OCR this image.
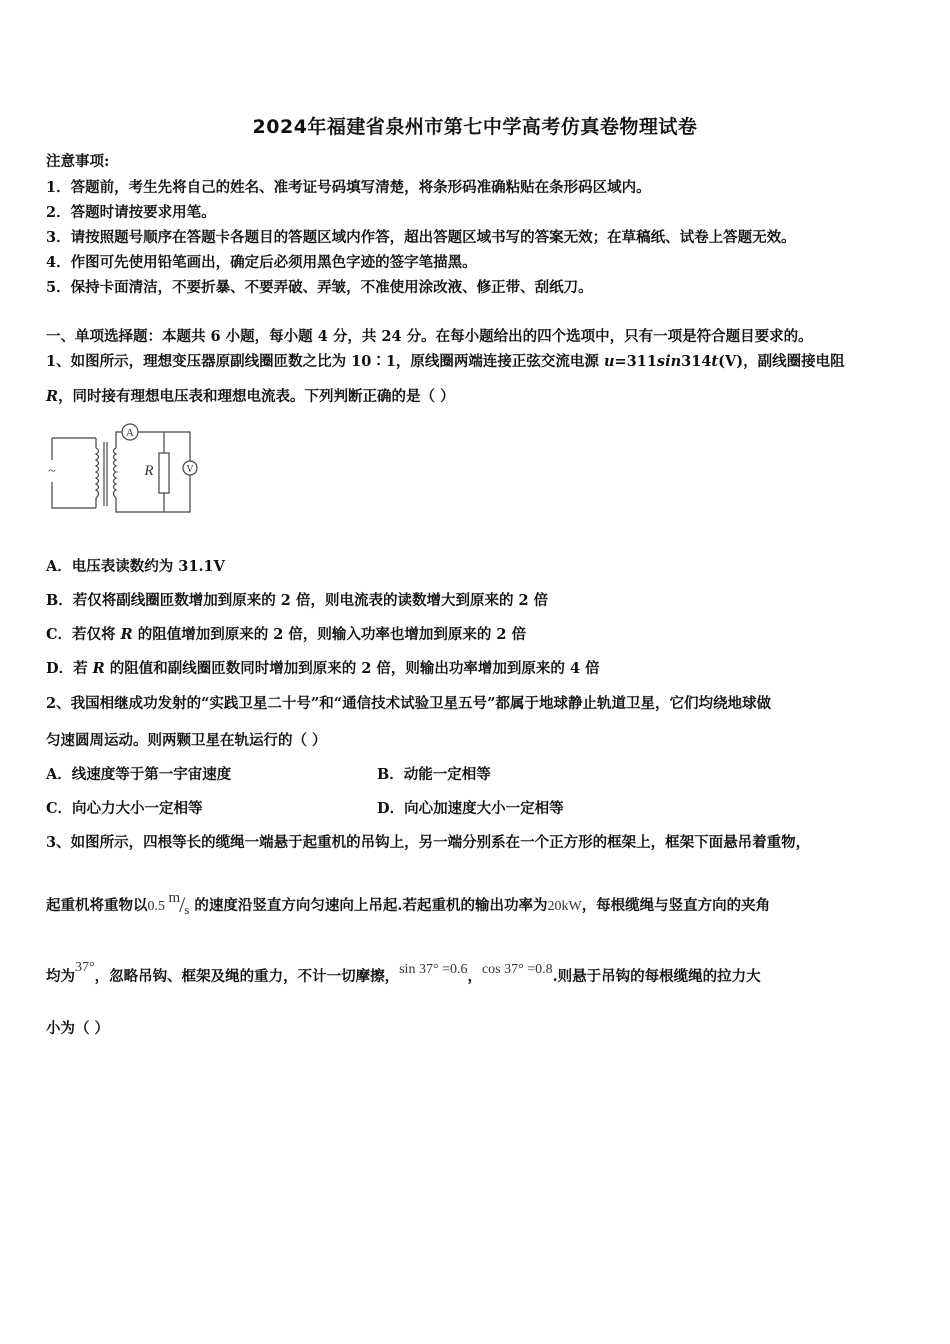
2024年福建省泉州市第七中学高考仿真卷物理试卷
注意事项:
1．答题前，考生先将自己的姓名、准考证号码填写清楚，将条形码准确粘贴在条形码区域内。
2．答题时请按要求用笔。
3．请按照题号顺序在答题卡各题目的答题区域内作答，超出答题区域书写的答案无效；在草稿纸、试卷上答题无效。
4．作图可先使用铅笔画出，确定后必须用黑色字迹的签字笔描黑。
5．保持卡面清洁，不要折暴、不要弄破、弄皱，不准使用涂改液、修正带、刮纸刀。
一、单项选择题：本题共 6 小题，每小题 4 分，共 24 分。在每小题给出的四个选项中，只有一项是符合题目要求的。
1、如图所示，理想变压器原副线圈匝数之比为 10∶1，原线圈两端连接正弦交流电源 u=311sin314t(V)，副线圈接电阻
R，同时接有理想电压表和理想电流表。下列判断正确的是（ ）
A
V
R
~
A．电压表读数约为 31.1V
B．若仅将副线圈匝数增加到原来的 2 倍，则电流表的读数增大到原来的 2 倍
C．若仅将 R 的阻值增加到原来的 2 倍，则输入功率也增加到原来的 2 倍
D．若 R 的阻值和副线圈匝数同时增加到原来的 2 倍，则输出功率增加到原来的 4 倍
2、我国相继成功发射的“实践卫星二十号”和“通信技术试验卫星五号”都属于地球静止轨道卫星，它们均绕地球做
匀速圆周运动。则两颗卫星在轨运行的（ ）
A．线速度等于第一宇宙速度	B．动能一定相等
C．向心力大小一定相等	D．向心加速度大小一定相等
3、如图所示，四根等长的缆绳一端悬于起重机的吊钩上，另一端分别系在一个正方形的框架上，框架下面悬吊着重物，
起重机将重物以0.5 m/s 的速度沿竖直方向匀速向上吊起.若起重机的输出功率为20kW，每根缆绳与竖直方向的夹角
均为37°，忽略吊钩、框架及绳的重力，不计一切摩擦，sin 37° =0.6，cos 37° =0.8.则悬于吊钩的每根缆绳的拉力大
小为（ ）
